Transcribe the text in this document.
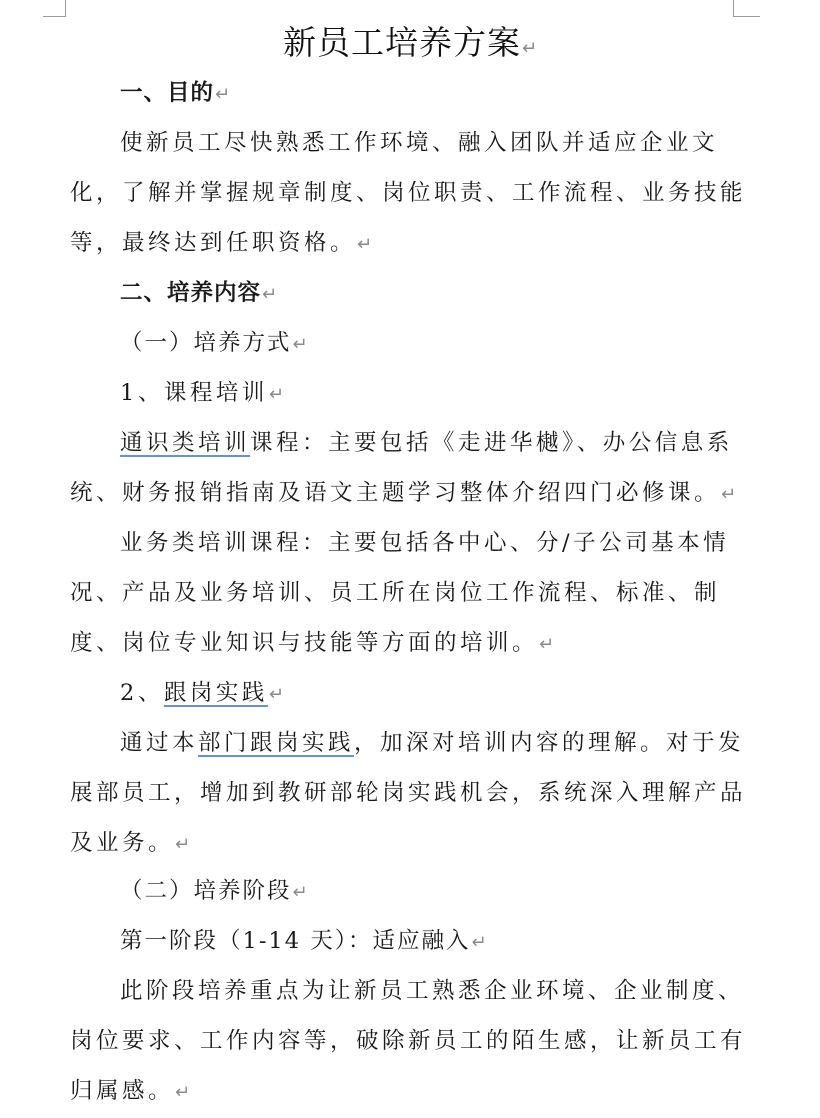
新员工培养方案↵
一、目的↵
使新员工尽快熟悉工作环境、融入团队并适应企业文化，了解并掌握规章制度、岗位职责、工作流程、业务技能等，最终达到任职资格。↵
二、培养内容↵
（一）培养方式↵
1、课程培训↵
通识类培训课程：主要包括《走进华樾》、办公信息系统、财务报销指南及语文主题学习整体介绍四门必修课。↵
业务类培训课程：主要包括各中心、分/子公司基本情况、产品及业务培训、员工所在岗位工作流程、标准、制度、岗位专业知识与技能等方面的培训。↵
2、跟岗实践↵
通过本部门跟岗实践，加深对培训内容的理解。对于发展部员工，增加到教研部轮岗实践机会，系统深入理解产品及业务。↵
（二）培养阶段↵
第一阶段（1-14 天）：适应融入↵
此阶段培养重点为让新员工熟悉企业环境、企业制度、岗位要求、工作内容等，破除新员工的陌生感，让新员工有归属感。↵
